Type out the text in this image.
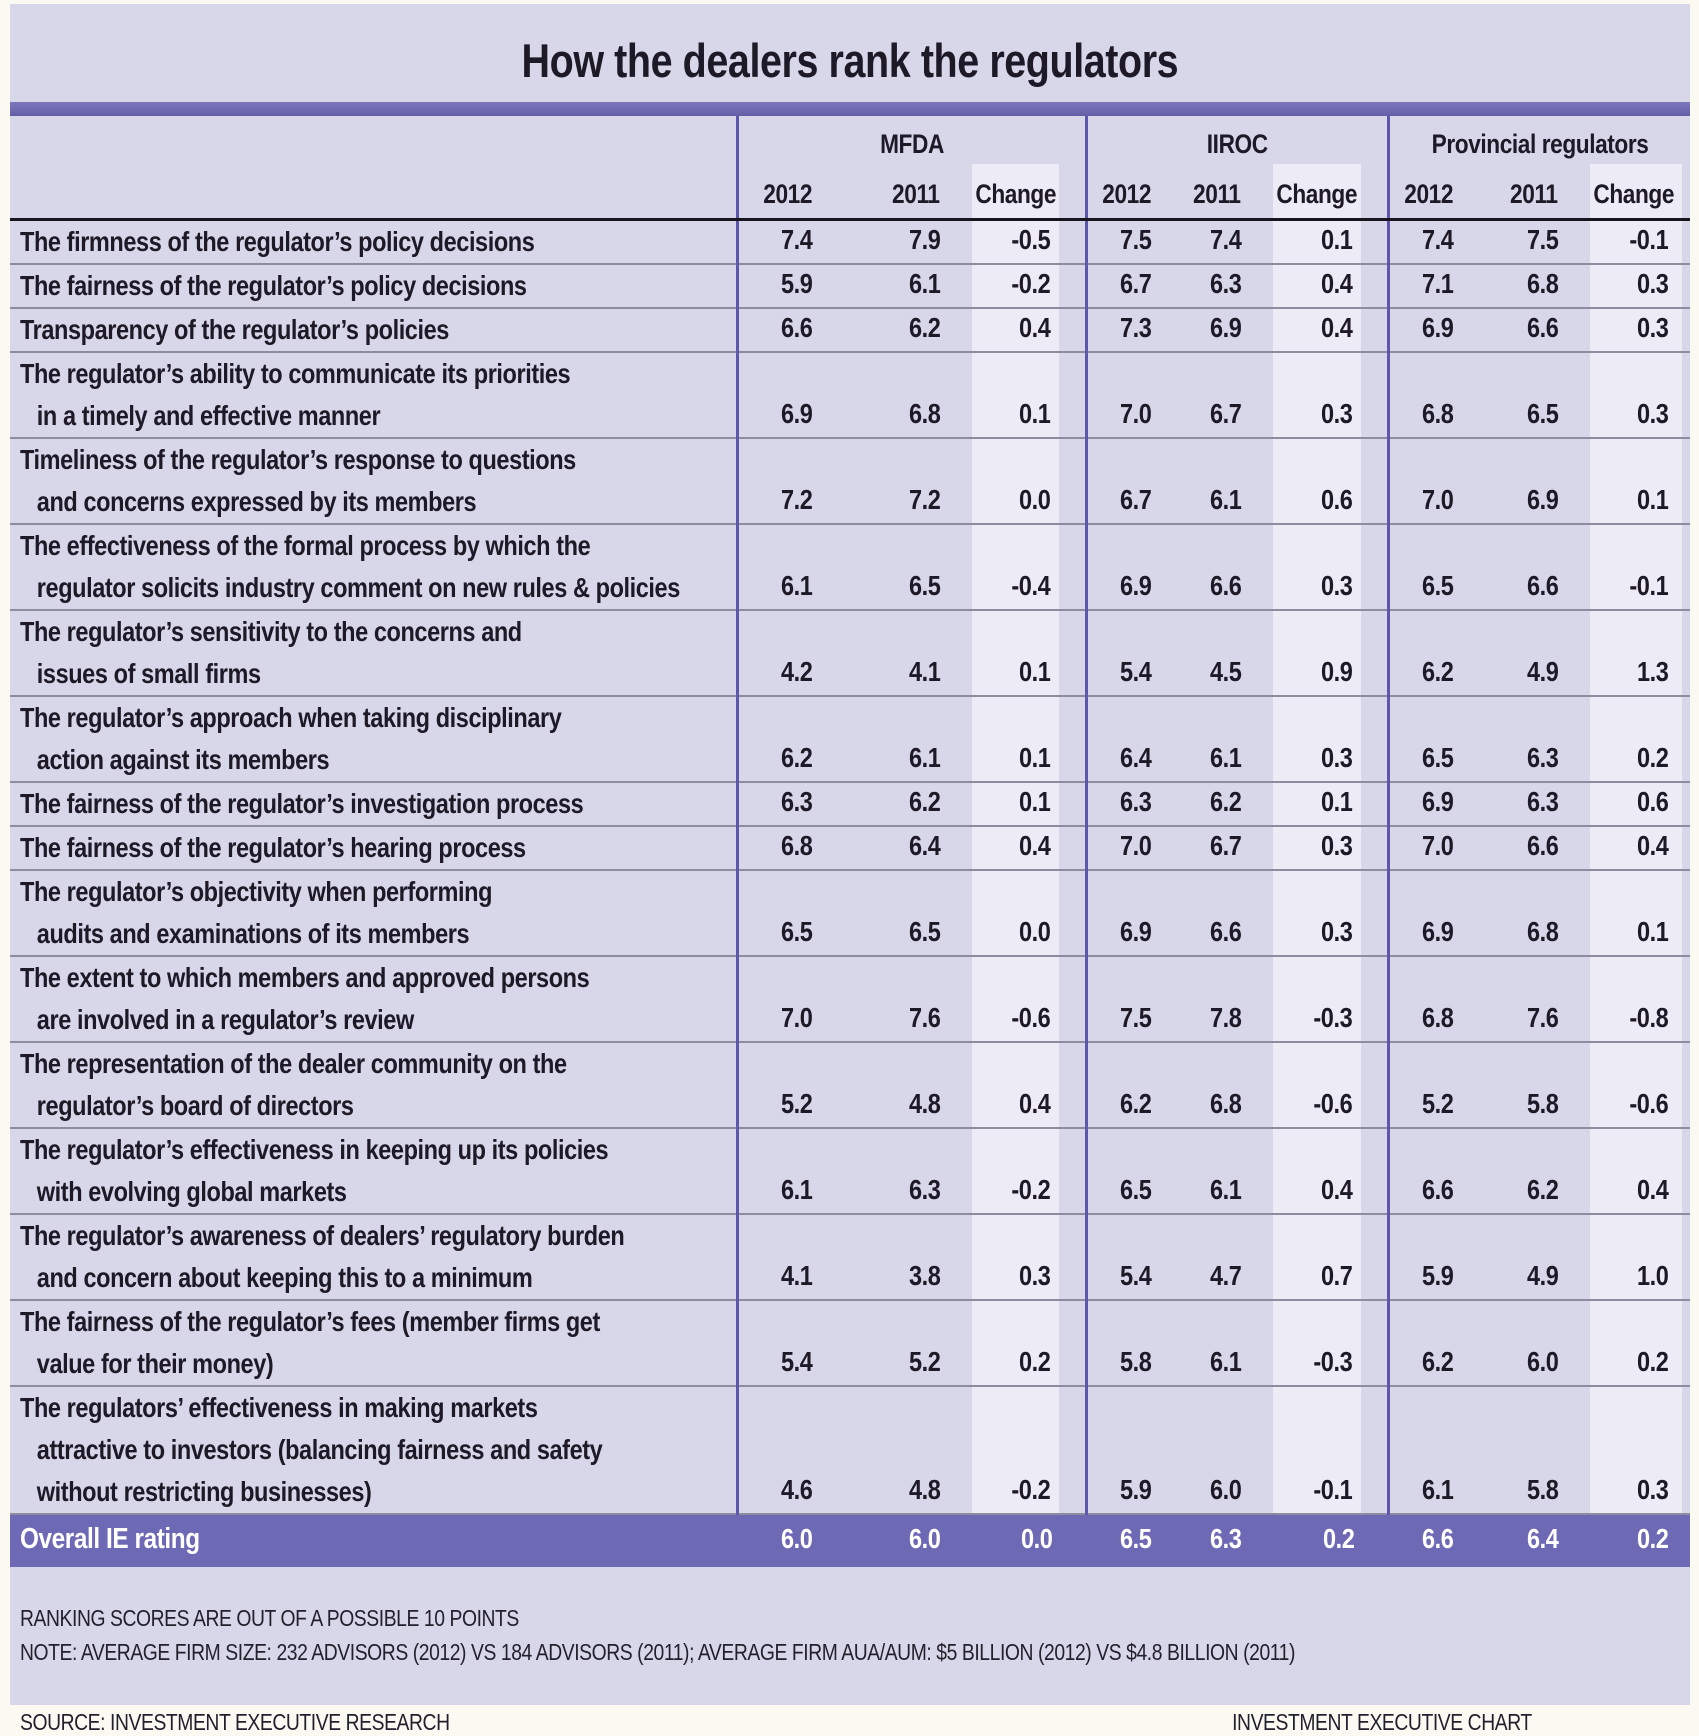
How the dealers rank the regulators
	MFDA			IIROC			Provincial regulators		
	2012	2011	Change	2012	2011	Change	2012	2011	Change
The firmness of the regulator’s policy decisions	7.4	7.9	-0.5	7.5	7.4	0.1	7.4	7.5	-0.1
The fairness of the regulator’s policy decisions	5.9	6.1	-0.2	6.7	6.3	0.4	7.1	6.8	0.3
Transparency of the regulator’s policies	6.6	6.2	0.4	7.3	6.9	0.4	6.9	6.6	0.3
The regulator’s ability to communicate its prioritiesin a timely and effective manner	6.9	6.8	0.1	7.0	6.7	0.3	6.8	6.5	0.3
Timeliness of the regulator’s response to questionsand concerns expressed by its members	7.2	7.2	0.0	6.7	6.1	0.6	7.0	6.9	0.1
The effectiveness of the formal process by which theregulator solicits industry comment on new rules & policies	6.1	6.5	-0.4	6.9	6.6	0.3	6.5	6.6	-0.1
The regulator’s sensitivity to the concerns andissues of small firms	4.2	4.1	0.1	5.4	4.5	0.9	6.2	4.9	1.3
The regulator’s approach when taking disciplinaryaction against its members	6.2	6.1	0.1	6.4	6.1	0.3	6.5	6.3	0.2
The fairness of the regulator’s investigation process	6.3	6.2	0.1	6.3	6.2	0.1	6.9	6.3	0.6
The fairness of the regulator’s hearing process	6.8	6.4	0.4	7.0	6.7	0.3	7.0	6.6	0.4
The regulator’s objectivity when performingaudits and examinations of its members	6.5	6.5	0.0	6.9	6.6	0.3	6.9	6.8	0.1
The extent to which members and approved personsare involved in a regulator’s review	7.0	7.6	-0.6	7.5	7.8	-0.3	6.8	7.6	-0.8
The representation of the dealer community on theregulator’s board of directors	5.2	4.8	0.4	6.2	6.8	-0.6	5.2	5.8	-0.6
The regulator’s effectiveness in keeping up its policieswith evolving global markets	6.1	6.3	-0.2	6.5	6.1	0.4	6.6	6.2	0.4
The regulator’s awareness of dealers’ regulatory burdenand concern about keeping this to a minimum	4.1	3.8	0.3	5.4	4.7	0.7	5.9	4.9	1.0
The fairness of the regulator’s fees (member firms getvalue for their money)	5.4	5.2	0.2	5.8	6.1	-0.3	6.2	6.0	0.2
The regulators’ effectiveness in making marketsattractive to investors (balancing fairness and safetywithout restricting businesses)	4.6	4.8	-0.2	5.9	6.0	-0.1	6.1	5.8	0.3
Overall IE rating	6.0	6.0	0.0	6.5	6.3	0.2	6.6	6.4	0.2
RANKING SCORES ARE OUT OF A POSSIBLE 10 POINTS
NOTE: AVERAGE FIRM SIZE: 232 ADVISORS (2012) VS 184 ADVISORS (2011); AVERAGE FIRM AUA/AUM: $5 BILLION (2012) VS $4.8 BILLION (2011)
SOURCE: INVESTMENT EXECUTIVE RESEARCH	INVESTMENT EXECUTIVE CHART
